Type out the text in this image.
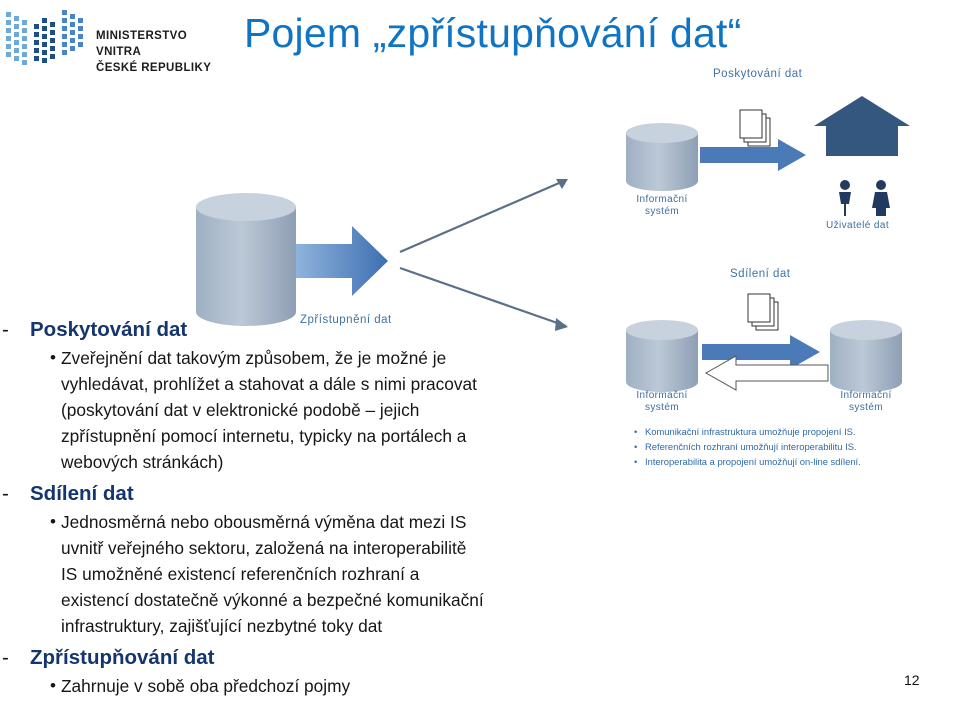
MINISTERSTVO VNITRA
ČESKÉ REPUBLIKY
Pojem „zpřístupňování dat“
Poskytování dat
Sdílení dat
Zpřístupnění dat
Uživatelé dat
Informační
systém
Informační
systém
Informační
systém
• Komunikační infrastruktura umožňuje propojení IS.
• Referenčních rozhraní umožňují interoperabilitu IS.
• Interoperabilita a propojení umožňují on-line sdílení.
- Poskytování dat
• Zveřejnění dat takovým způsobem, že je možné je
vyhledávat, prohlížet a stahovat a dále s nimi pracovat
(poskytování dat v elektronické podobě – jejich
zpřístupnění pomocí internetu, typicky na portálech a
webových stránkách)
- Sdílení dat
• Jednosměrná nebo obousměrná výměna dat mezi IS
uvnitř veřejného sektoru, založená na interoperabilitě
IS umožněné existencí referenčních rozhraní a
existencí dostatečně výkonné a bezpečné komunikační
infrastruktury, zajišťující nezbytné toky dat
- Zpřístupňování dat
• Zahrnuje v sobě oba předchozí pojmy	12
